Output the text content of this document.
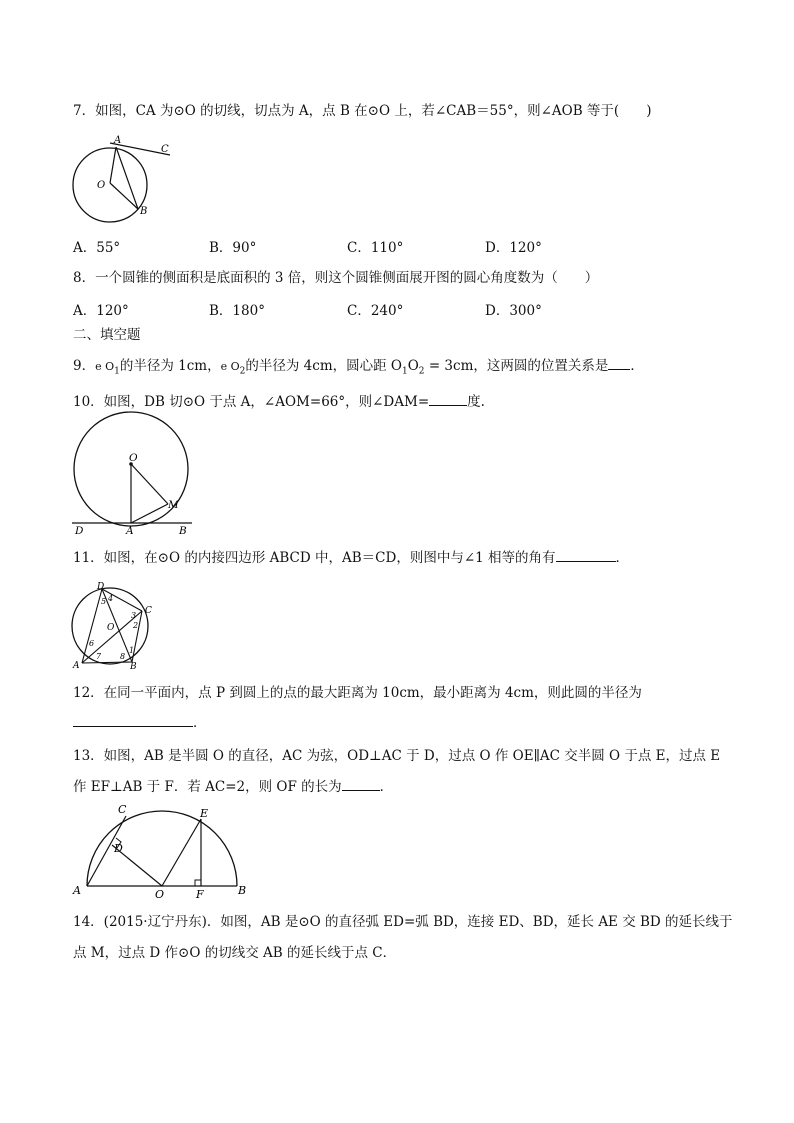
7．如图，CA 为⊙O 的切线，切点为 A，点 B 在⊙O 上，若∠CAB＝55°，则∠AOB 等于(　　)
A
C
O
B
A．55°	B．90°	C．110°	D．120°
8．一个圆锥的侧面积是底面积的 3 倍，则这个圆锥侧面展开图的圆心角度数为（　　）
A．120°	B．180°	C．240°	D．300°
二、填空题
9．e $O_1$的半径为 1cm，e $O_2$的半径为 4cm，圆心距 $O_1O_2 = 3cm$，这两圆的位置关系是 ．
10．如图，DB 切⊙O 于点 A，∠AOM=66°，则∠DAM=	度.
O
M
D	A	B
11．如图，在⊙O 的内接四边形 ABCD 中，AB＝CD，则图中与∠1 相等的角有	．
D
C
A	B
O
5 4
3
2
1
6
7 8
12．在同一平面内，点 P 到圆上的点的最大距离为 10cm，最小距离为 4cm，则此圆的半径为
．
13．如图，AB 是半圆 O 的直径，AC 为弦，OD⊥AC 于 D，过点 O 作 OE∥AC 交半圆 O 于点 E，过点 E
作 EF⊥AB 于 F．若 AC=2，则 OF 的长为	．
C	E
D
A	O	F	B
14．(2015·辽宁丹东)．如图，AB 是⊙O 的直径弧 ED=弧 BD，连接 ED、BD，延长 AE 交 BD 的延长线于
点 M，过点 D 作⊙O 的切线交 AB 的延长线于点 C．
